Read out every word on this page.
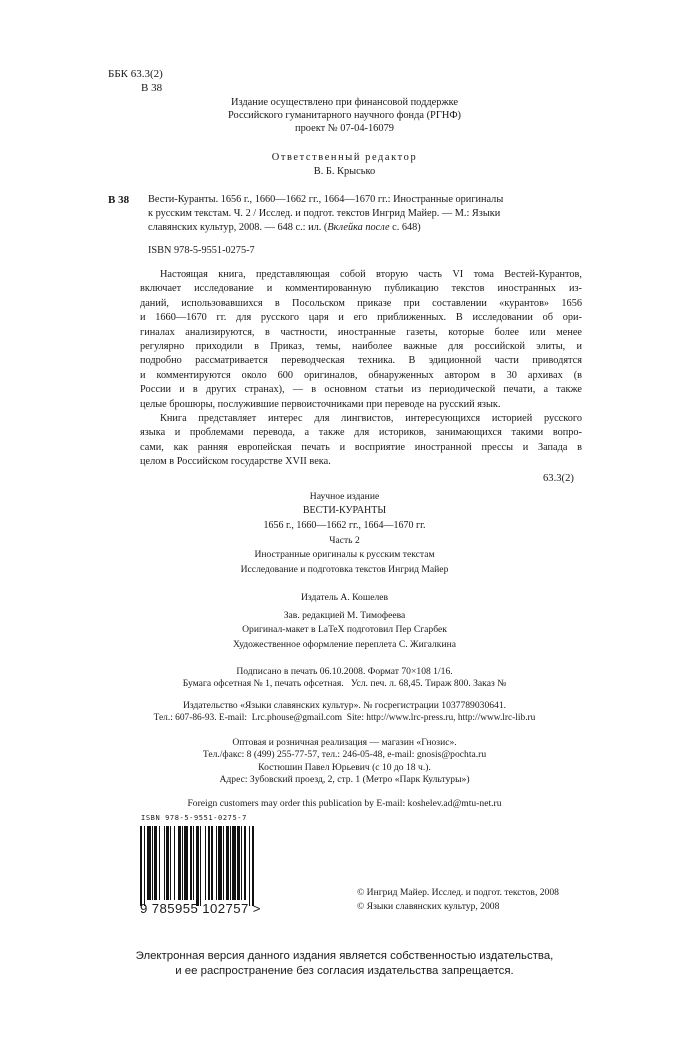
ББК 63.3(2)
В 38
Издание осуществлено при финансовой поддержке
Российского гуманитарного научного фонда (РГНФ)
проект № 07-04-16079
Ответственный редактор
В. Б. Крысько
В 38 Вести-Куранты. 1656 г., 1660—1662 гг., 1664—1670 гг.: Иностранные оригиналы
к русским текстам. Ч. 2 / Исслед. и подгот. текстов Ингрид Майер. — М.: Языки
славянских культур, 2008. — 648 с.: ил. (Вклейка после с. 648)
ISBN 978-5-9551-0275-7
Настоящая книга, представляющая собой вторую часть VI тома Вестей-Курантов,
включает исследование и комментированную публикацию текстов иностранных из-
даний, использовавшихся в Посольском приказе при составлении «курантов» 1656
и 1660—1670 гг. для русского царя и его приближенных. В исследовании об ори-
гиналах анализируются, в частности, иностранные газеты, которые более или менее
регулярно приходили в Приказ, темы, наиболее важные для российской элиты, и
подробно рассматривается переводческая техника. В эдиционной части приводятся
и комментируются около 600 оригиналов, обнаруженных автором в 30 архивах (в
России и в других странах), — в основном статьи из периодической печати, а также
целые брошюры, послужившие первоисточниками при переводе на русский язык.
Книга представляет интерес для лингвистов, интересующихся историей русского
языка и проблемами перевода, а также для историков, занимающихся такими вопро-
сами, как ранняя европейская печать и восприятие иностранной прессы и Запада в
целом в Российском государстве XVII века.
63.3(2)
Научное издание
ВЕСТИ-КУРАНТЫ
1656 г., 1660—1662 гг., 1664—1670 гг.
Часть 2
Иностранные оригиналы к русским текстам
Исследование и подготовка текстов Ингрид Майер
Издатель А. Кошелев
Зав. редакцией М. Тимофеева
Оригинал-макет в LaTeX подготовил Пер Сгарбек
Художественное оформление переплета С. Жигалкина
Подписано в печать 06.10.2008. Формат 70×108 1/16.
Бумага офсетная № 1, печать офсетная.   Усл. печ. л. 68,45. Тираж 800. Заказ №
Издательство «Языки славянских культур». № госрегистрации 1037789030641.
Тел.: 607-86-93. E-mail:  Lrc.phouse@gmail.com  Site: http://www.lrc-press.ru, http://www.lrc-lib.ru
Оптовая и розничная реализация — магазин «Гнозис».
Тел./факс: 8 (499) 255-77-57, тел.: 246-05-48, e-mail: gnosis@pochta.ru
Костюшин Павел Юрьевич (с 10 до 18 ч.).
Адрес: Зубовский проезд, 2, стр. 1 (Метро «Парк Культуры»)
Foreign customers may order this publication by E-mail: koshelev.ad@mtu-net.ru
ISBN 978-5-9551-0275-7
9 785955 102757 >
© Ингрид Майер. Исслед. и подгот. текстов, 2008
© Языки славянских культур, 2008
Электронная версия данного издания является собственностью издательства,
и ее распространение без согласия издательства запрещается.
